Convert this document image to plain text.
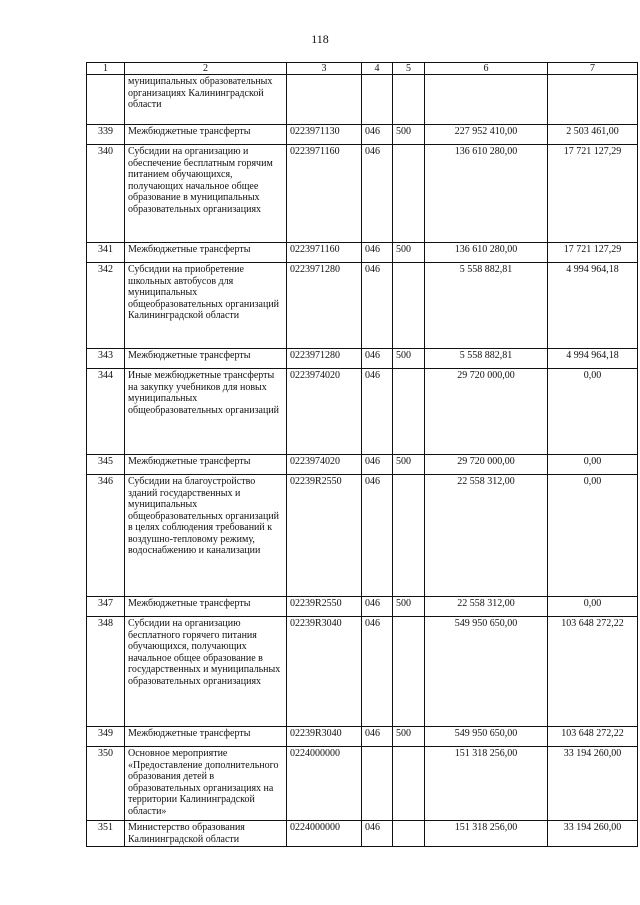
118
1	2	3	4	5	6	7
	муниципальных образовательных организациях Калининградской области					
339	Межбюджетные трансферты	0223971130	046	500	227 952 410,00	2 503 461,00
340	Субсидии на организацию и обеспечение бесплатным горячим питанием обучающихся, получающих начальное общее образование в муниципальных образовательных организациях	0223971160	046		136 610 280,00	17 721 127,29
341	Межбюджетные трансферты	0223971160	046	500	136 610 280,00	17 721 127,29
342	Субсидии на приобретение школьных автобусов для муниципальных общеобразовательных организаций Калининградской области	0223971280	046		5 558 882,81	4 994 964,18
343	Межбюджетные трансферты	0223971280	046	500	5 558 882,81	4 994 964,18
344	Иные межбюджетные трансферты на закупку учебников для новых муниципальных общеобразовательных организаций	0223974020	046		29 720 000,00	0,00
345	Межбюджетные трансферты	0223974020	046	500	29 720 000,00	0,00
346	Субсидии на благоустройство зданий государственных и муниципальных общеобразовательных организаций в целях соблюдения требований к воздушно-тепловому режиму, водоснабжению и канализации	02239R2550	046		22 558 312,00	0,00
347	Межбюджетные трансферты	02239R2550	046	500	22 558 312,00	0,00
348	Субсидии на организацию бесплатного горячего питания обучающихся, получающих начальное общее образование в государственных и муниципальных образовательных организациях	02239R3040	046		549 950 650,00	103 648 272,22
349	Межбюджетные трансферты	02239R3040	046	500	549 950 650,00	103 648 272,22
350	Основное мероприятие «Предоставление дополнительного образования детей в образовательных организациях на территории Калининградской области»	0224000000			151 318 256,00	33 194 260,00
351	Министерство образования Калининградской области	0224000000	046		151 318 256,00	33 194 260,00
